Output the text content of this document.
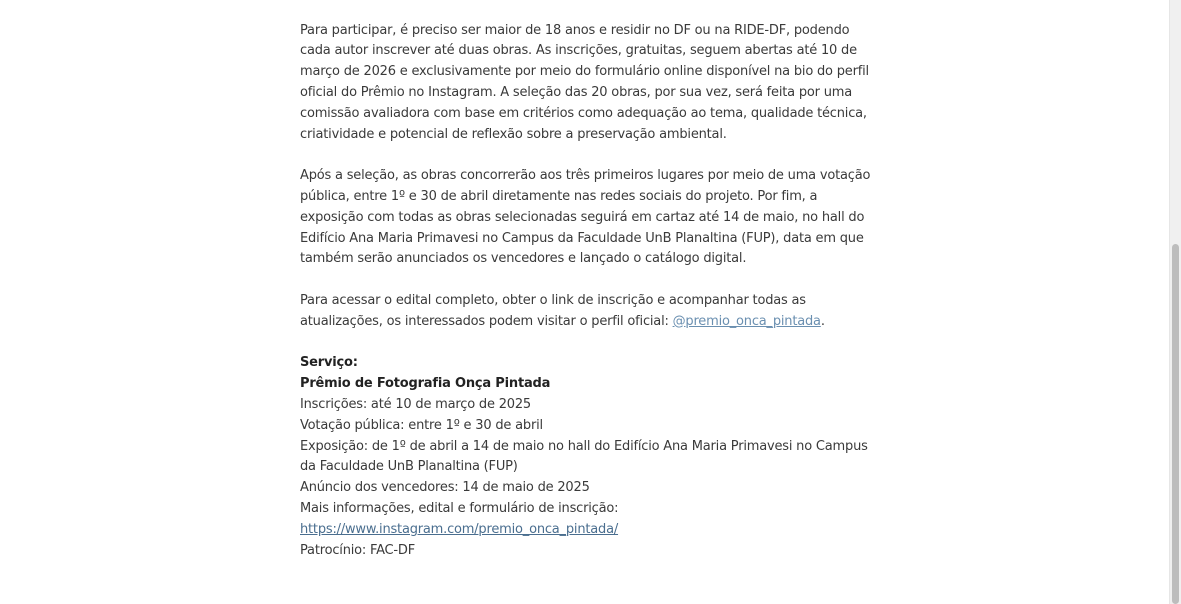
Para participar, é preciso ser maior de 18 anos e residir no DF ou na RIDE-DF, podendo cada autor inscrever até duas obras. As inscrições, gratuitas, seguem abertas até 10 de março de 2026 e exclusivamente por meio do formulário online disponível na bio do perfil oficial do Prêmio no Instagram. A seleção das 20 obras, por sua vez, será feita por uma comissão avaliadora com base em critérios como adequação ao tema, qualidade técnica, criatividade e potencial de reflexão sobre a preservação ambiental.

Após a seleção, as obras concorrerão aos três primeiros lugares por meio de uma votação pública, entre 1º e 30 de abril diretamente nas redes sociais do projeto. Por fim, a exposição com todas as obras selecionadas seguirá em cartaz até 14 de maio, no hall do Edifício Ana Maria Primavesi no Campus da Faculdade UnB Planaltina (FUP), data em que também serão anunciados os vencedores e lançado o catálogo digital.

Para acessar o edital completo, obter o link de inscrição e acompanhar todas as atualizações, os interessados podem visitar o perfil oficial: @premio_onca_pintada.

Serviço:
Prêmio de Fotografia Onça Pintada
Inscrições: até 10 de março de 2025
Votação pública: entre 1º e 30 de abril
Exposição: de 1º de abril a 14 de maio no hall do Edifício Ana Maria Primavesi no Campus da Faculdade UnB Planaltina (FUP)
Anúncio dos vencedores: 14 de maio de 2025
Mais informações, edital e formulário de inscrição:
https://www.instagram.com/premio_onca_pintada/
Patrocínio: FAC-DF
